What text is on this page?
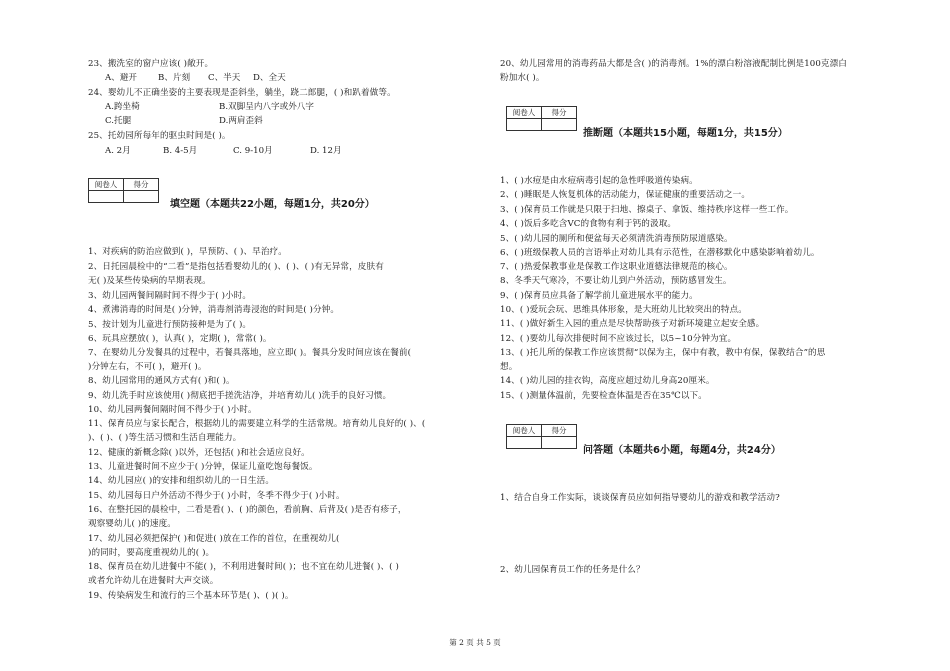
23、搬洗室的窗户应该( )敞开。
A、避开 B、片刻 C、半天 D、全天
24、婴幼儿不正确坐姿的主要表现是歪斜坐，躺坐，跷二郎腿，( )和趴着做等。
A.跨坐椅	B.双脚呈内八字或外八字
C.托腿	D.两肩歪斜
25、托幼园所每年的驱虫时间是( )。
A. 2月	B. 4-5月	C. 9-10月	D. 12月
阅卷人	得分

填空题（本题共22小题，每题1分，共20分）
1、对疾病的防治应做到( )，早预防、( )、早治疗。
2、日托园晨检中的“二看”是指包括看婴幼儿的( )、( )、( )有无异常，皮肤有
无( )及某些传染病的早期表现。
3、幼儿园两餐间隔时间不得少于( )小时。
4、煮沸消毒的时间是( )分钟，消毒剂消毒浸泡的时间是( )分钟。
5、按计划为儿童进行预防接种是为了( )。
6、玩具应摆放( )，认真( )，定期( )，常常( )。
7、在婴幼儿分发餐具的过程中，若餐具落地，应立即( )。餐具分发时间应该在餐前(
)分钟左右，不可( )，避开( )。
8、幼儿园常用的通风方式有( )和( )。
9、幼儿洗手时应该使用( )彻底把手搓洗洁净，并培育幼儿( )洗手的良好习惯。
10、幼儿园两餐间隔时间不得少于( )小时。
11、保育员应与家长配合，根据幼儿的需要建立科学的生活常规。培育幼儿良好的( )、(
)、( )、( )等生活习惯和生活自理能力。
12、健康的新概念除( )以外，还包括( )和社会适应良好。
13、儿童进餐时间不应少于( )分钟，保证儿童吃饱每餐饭。
14、幼儿园应( )的安排和组织幼儿的一日生活。
15、幼儿园每日户外活动不得少于( )小时，冬季不得少于( )小时。
16、在整托园的晨检中，二看是看( )、( )的颜色，看前胸、后背及( )是否有疹子，
观察婴幼儿( )的速度。
17、幼儿园必须把保护( )和促进( )放在工作的首位，在重视幼儿(
)的同时，要高度重视幼儿的( )。
18、保育员在幼儿进餐中不能( )，不利用进餐时间( )；也不宜在幼儿进餐( )、( )
或者允许幼儿在进餐时大声交谈。
19、传染病发生和流行的三个基本环节是( )、( )( )。
20、幼儿园常用的消毒药品大都是含( )的消毒剂。1%的漂白粉溶液配制比例是100克漂白
粉加水( )。
阅卷人	得分

推断题（本题共15小题，每题1分，共15分）
1、( )水痘是由水痘病毒引起的急性呼吸道传染病。
2、( )睡眠是人恢复机体的活动能力，保证健康的重要活动之一。
3、( )保育员工作就是只限于扫地、擦桌子、拿饭、维持秩序这样一些工作。
4、( )饭后多吃含VC的食物有利于钙的汲取。
5、( )幼儿园的厕所和便盆每天必须清洗消毒预防尿道感染。
6、( )班级保教人员的言语举止对幼儿具有示范性，在潜移默化中感染影响着幼儿。
7、( )热爱保教事业是保教工作这职业道德法律规范的核心。
8、冬季天气寒冷，不要让幼儿到户外活动，预防感冒发生。
9、( )保育员应具备了解学前儿童进展水平的能力。
10、( )爱玩会玩、思维具体形象，是大班幼儿比较突出的特点。
11、( )做好新生入园的重点是尽快帮助孩子对新环境建立起安全感。
12、( )要幼儿每次排便时间不应该过长，以5~10分钟为宜。
13、( )托儿所的保教工作应该贯彻“以保为主，保中有教，教中有保，保教结合”的思
想。
14、( )幼儿园的挂衣钩，高度应超过幼儿身高20厘米。
15、( )测量体温前，先要检查体温是否在35℃以下。
阅卷人	得分

问答题（本题共6小题，每题4分，共24分）
1、结合自身工作实际，谈谈保育员应如何指导婴幼儿的游戏和教学活动?
2、幼儿园保育员工作的任务是什么？
第 2 页 共 5 页
